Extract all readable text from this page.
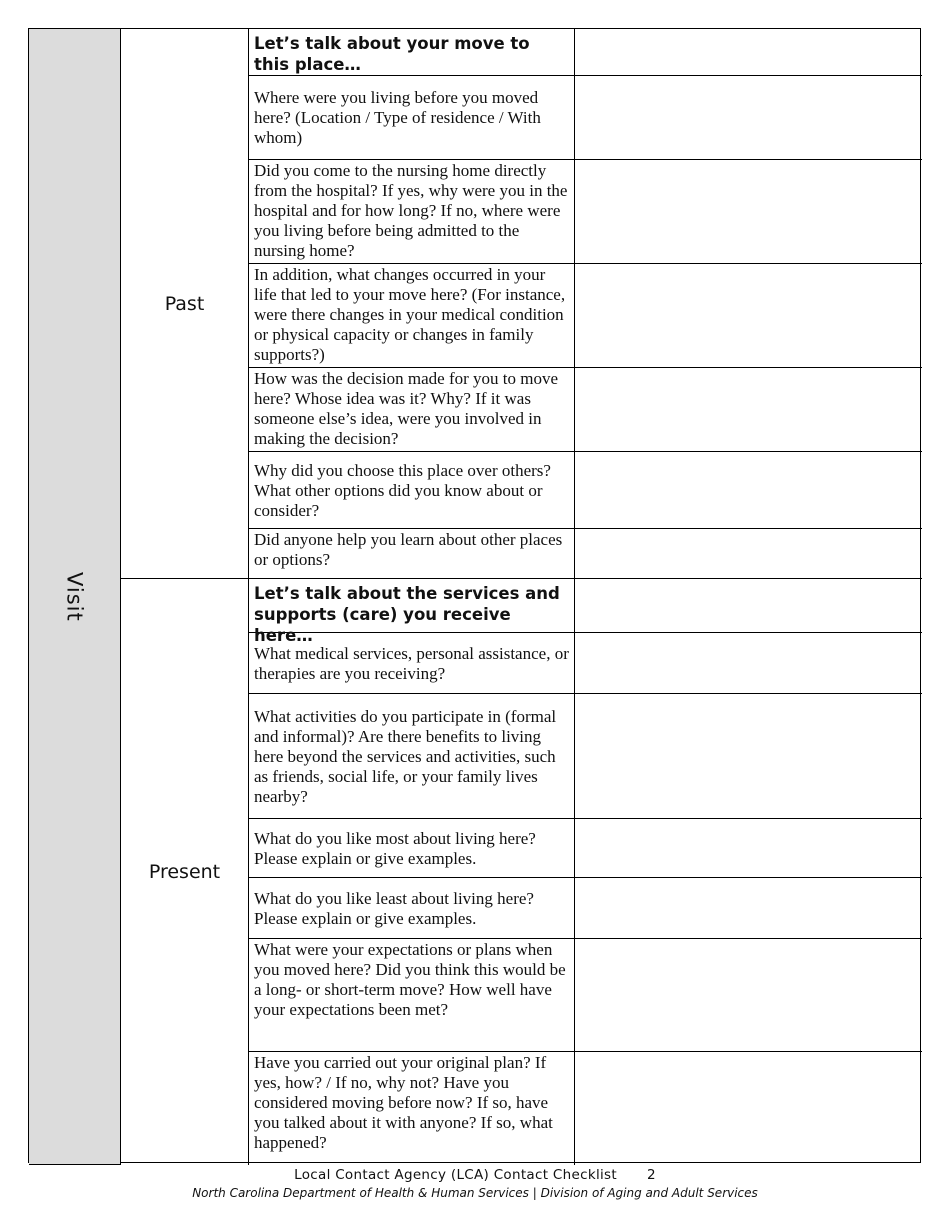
Visit
Past
Present
Let’s talk about your move to this place…
Where were you living before you moved here? (Location / Type of residence / With whom)
Did you come to the nursing home directly from the hospital? If yes, why were you in the hospital and for how long? If no, where were you living before being admitted to the nursing home?
In addition, what changes occurred in your life that led to your move here? (For instance, were there changes in your medical condition or physical capacity or changes in family supports?)
How was the decision made for you to move here? Whose idea was it? Why? If it was someone else’s idea, were you involved in making the decision?
Why did you choose this place over others? What other options did you know about or consider?
Did anyone help you learn about other places or options?
Let’s talk about the services and supports (care) you receive here…
What medical services, personal assistance, or therapies are you receiving?
What activities do you participate in (formal and informal)? Are there benefits to living here beyond the services and activities, such as friends, social life, or your family lives nearby?
What do you like most about living here? Please explain or give examples.
What do you like least about living here? Please explain or give examples.
What were your expectations or plans when you moved here? Did you think this would be a long- or short-term move? How well have your expectations been met?
Have you carried out your original plan? If yes, how? / If no, why not? Have you considered moving before now? If so, have you talked about it with anyone? If so, what happened?
Local Contact Agency (LCA) Contact Checklist 2
North Carolina Department of Health & Human Services | Division of Aging and Adult Services
